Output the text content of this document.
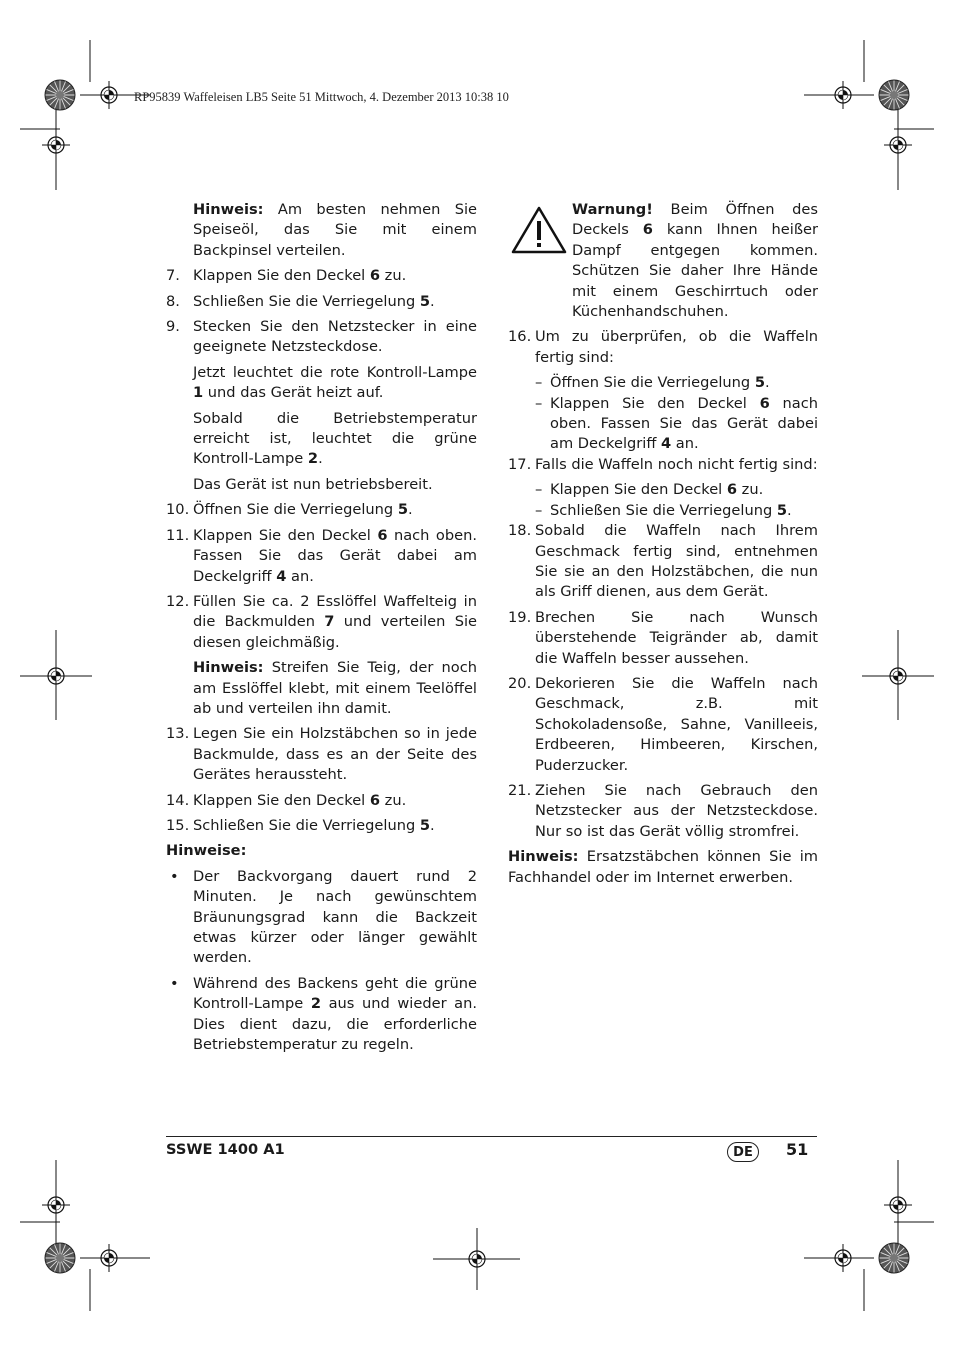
RP95839 Waffeleisen LB5 Seite 51 Mittwoch, 4. Dezember 2013 10:38 10

Hinweis: Am besten nehmen Sie Speiseöl, das Sie mit einem Backpinsel verteilen.

7. Klappen Sie den Deckel 6 zu.
8. Schließen Sie die Verriegelung 5.
9. Stecken Sie den Netzstecker in eine geeignete Netzsteckdose.

Jetzt leuchtet die rote Kontroll-Lampe 1 und das Gerät heizt auf.

Sobald die Betriebstemperatur erreicht ist, leuchtet die grüne Kontroll-Lampe 2.

Das Gerät ist nun betriebsbereit.

10. Öffnen Sie die Verriegelung 5.
11. Klappen Sie den Deckel 6 nach oben. Fassen Sie das Gerät dabei am Deckelgriff 4 an.
12. Füllen Sie ca. 2 Esslöffel Waffelteig in die Backmulden 7 und verteilen Sie diesen gleichmäßig.

Hinweis: Streifen Sie Teig, der noch am Esslöffel klebt, mit einem Teelöffel ab und verteilen ihn damit.

13. Legen Sie ein Holzstäbchen so in jede Backmulde, dass es an der Seite des Gerätes heraussteht.
14. Klappen Sie den Deckel 6 zu.
15. Schließen Sie die Verriegelung 5.
Hinweise:
• Der Backvorgang dauert rund 2 Minuten. Je nach gewünschtem Bräunungsgrad kann die Backzeit etwas kürzer oder länger gewählt werden.
• Während des Backens geht die grüne Kontroll-Lampe 2 aus und wieder an. Dies dient dazu, die erforderliche Betriebstemperatur zu regeln.
Warnung! Beim Öffnen des Deckels 6 kann Ihnen heißer Dampf entgegen kommen. Schützen Sie daher Ihre Hände mit einem Geschirrtuch oder Küchenhandschuhen.
16. Um zu überprüfen, ob die Waffeln fertig sind:
– Öffnen Sie die Verriegelung 5.
– Klappen Sie den Deckel 6 nach oben. Fassen Sie das Gerät dabei am Deckelgriff 4 an.
17. Falls die Waffeln noch nicht fertig sind:
– Klappen Sie den Deckel 6 zu.
– Schließen Sie die Verriegelung 5.
18. Sobald die Waffeln nach Ihrem Geschmack fertig sind, entnehmen Sie sie an den Holzstäbchen, die nun als Griff dienen, aus dem Gerät.
19. Brechen Sie nach Wunsch überstehende Teigränder ab, damit die Waffeln besser aussehen.
20. Dekorieren Sie die Waffeln nach Geschmack, z.B. mit Schokoladensoße, Sahne, Vanilleeis, Erdbeeren, Himbeeren, Kirschen, Puderzucker.
21. Ziehen Sie nach Gebrauch den Netzstecker aus der Netzsteckdose. Nur so ist das Gerät völlig stromfrei.

Hinweis: Ersatzstäbchen können Sie im Fachhandel oder im Internet erwerben.

SSWE 1400 A1	DE	51
